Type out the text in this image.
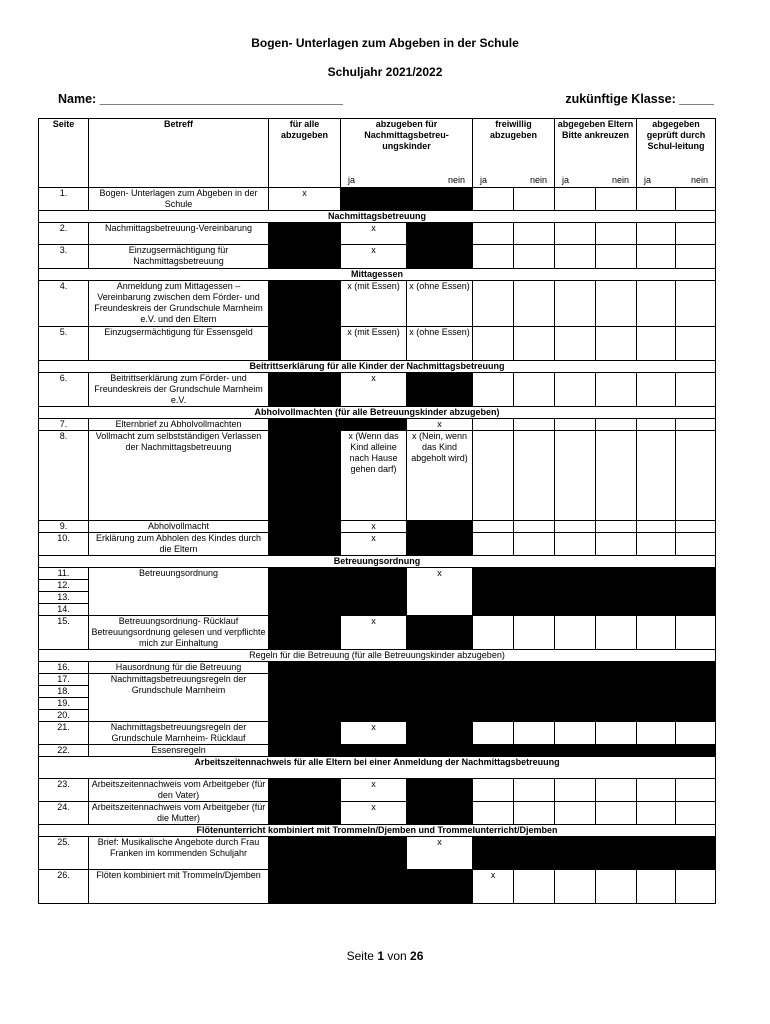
Bogen- Unterlagen zum Abgeben in der Schule
Schuljahr 2021/2022
Name: ___________________________________	zukünftige Klasse: _____
Seite	Betreff	für alle abzugeben	abzugeben für Nachmittagsbetreu-ungskinder		freiwillig abzugeben		abgegeben Eltern Bitte ankreuzen		abgegeben geprüft durch Schul-leitung	

			ja nein		ja nein		ja nein		ja nein	

1.	Bogen- Unterlagen zum Abgeben in der Schule	x								
Nachmittagsbetreuung										
2.	Nachmittagsbetreuung-Vereinbarung		x							
3.	Einzugsermächtigung für Nachmittagsbetreuung		x							
Mittagessen										
4.	Anmeldung zum Mittagessen – Vereinbarung zwischen dem Förder- und Freundeskreis der Grundschule Marnheim e.V. und den Eltern		x (mit Essen)	x (ohne Essen)						
5.	Einzugsermächtigung für Essensgeld		x (mit Essen)	x (ohne Essen)						
Beitrittserklärung für alle Kinder der Nachmittagsbetreuung										
6.	Beitrittserklärung zum Förder- und Freundeskreis der Grundschule Marnheim e.V.		x							
Abholvollmachten (für alle Betreuungskinder abzugeben)										
7.	Elternbrief zu Abholvollmachten			x						
8.	Vollmacht zum selbstständigen Verlassen der Nachmittagsbetreuung		x (Wenn das Kind alleine nach Hause gehen darf)	x (Nein, wenn das Kind abgeholt wird)						
9.	Abholvollmacht		x							
10.	Erklärung zum Abholen des Kindes durch die Eltern		x							
Betreuungsordnung										
11.	Betreuungsordnung			x						
12.										
13.										
14.										
15.	Betreuungsordnung- Rücklauf Betreuungsordnung gelesen und verpflichte mich zur Einhaltung		x							
Regeln für die Betreuung (für alle Betreuungskinder abzugeben)										
16.	Hausordnung für die Betreuung									
17.	Nachmittagsbetreuungsregeln der Grundschule Marnheim									
18.										
19.										
20.										
21.	Nachmittagsbetreuungsregeln der Grundschule Marnheim- Rücklauf		x							
22.	Essensregeln									
Arbeitszeitennachweis für alle Eltern bei einer Anmeldung der Nachmittagsbetreuung										
23.	Arbeitszeitennachweis vom Arbeitgeber (für den Vater)		x							
24.	Arbeitszeitennachweis vom Arbeitgeber (für die Mutter)		x							
Flötenunterricht kombiniert mit Trommeln/Djemben und Trommelunterricht/Djemben										
25.	Brief: Musikalische Angebote durch Frau Franken im kommenden Schuljahr			x						
26.	Flöten kombiniert mit Trommeln/Djemben				x					
Seite 1 von 26
